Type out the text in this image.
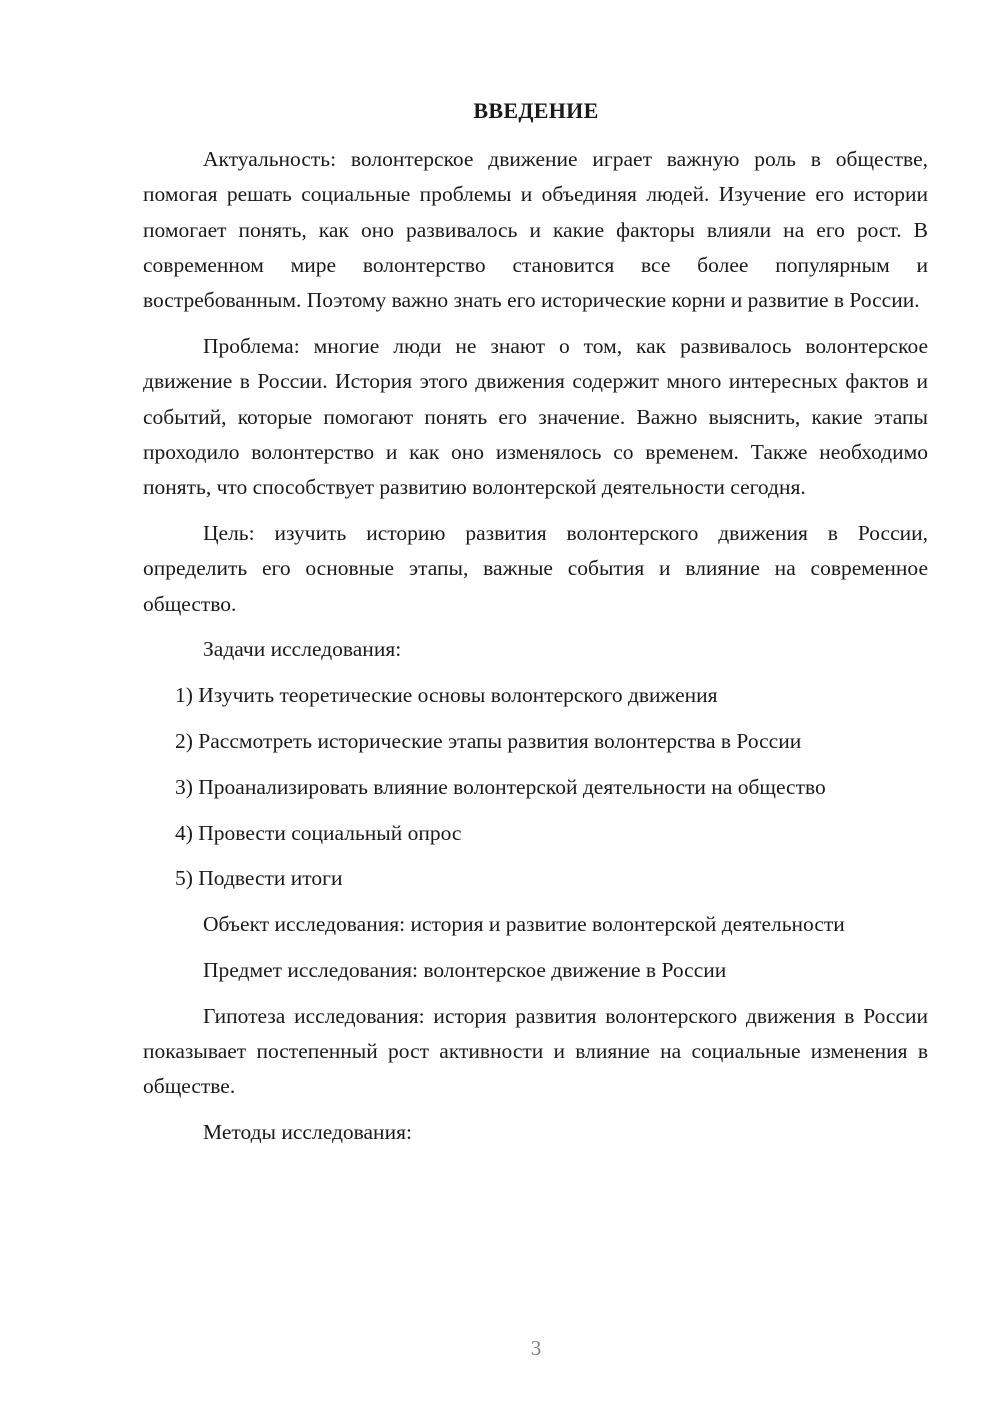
ВВЕДЕНИЕ

Актуальность: волонтерское движение играет важную роль в обществе, помогая решать социальные проблемы и объединяя людей. Изучение его истории помогает понять, как оно развивалось и какие факторы влияли на его рост. В современном мире волонтерство становится все более популярным и востребованным. Поэтому важно знать его исторические корни и развитие в России.

Проблема: многие люди не знают о том, как развивалось волонтерское движение в России. История этого движения содержит много интересных фактов и событий, которые помогают понять его значение. Важно выяснить, какие этапы проходило волонтерство и как оно изменялось со временем. Также необходимо понять, что способствует развитию волонтерской деятельности сегодня.

Цель: изучить историю развития волонтерского движения в России, определить его основные этапы, важные события и влияние на современное общество.

Задачи исследования:

1) Изучить теоретические основы волонтерского движения

2) Рассмотреть исторические этапы развития волонтерства в России

3) Проанализировать влияние волонтерской деятельности на общество

4) Провести социальный опрос

5) Подвести итоги

Объект исследования: история и развитие волонтерской деятельности

Предмет исследования: волонтерское движение в России

Гипотеза исследования: история развития волонтерского движения в России показывает постепенный рост активности и влияние на социальные изменения в обществе.

Методы исследования:

3
